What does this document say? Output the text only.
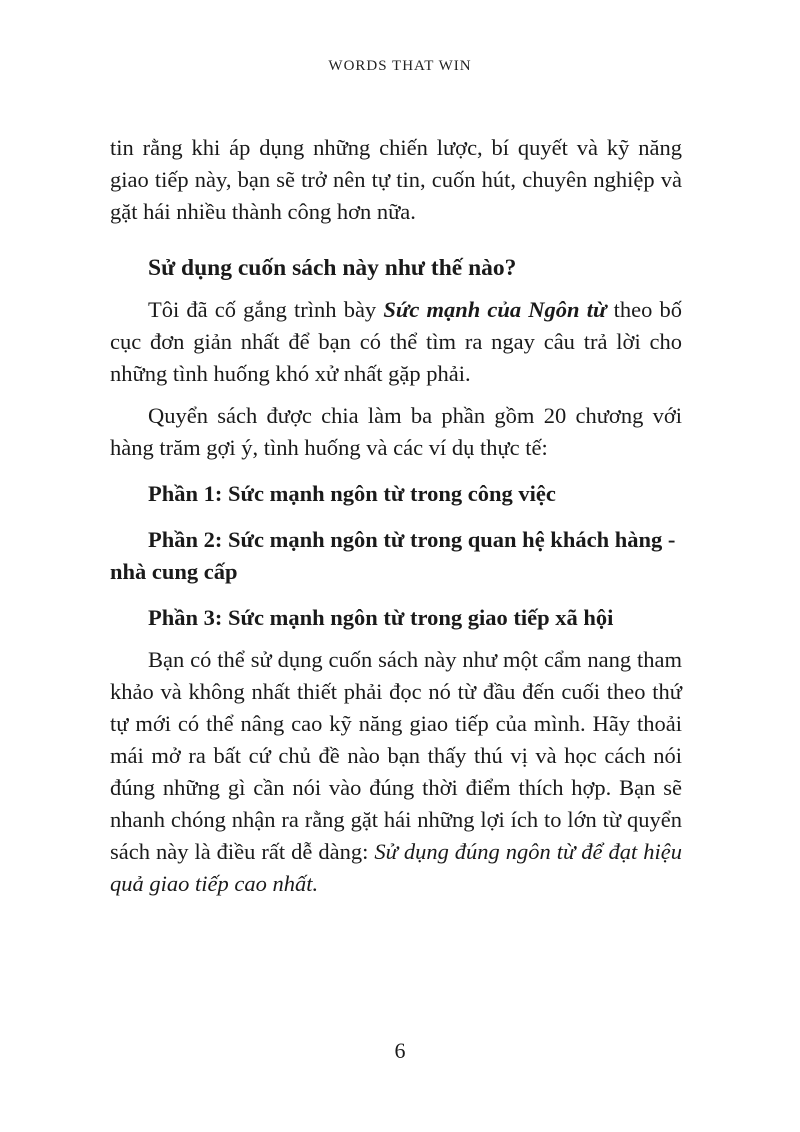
WORDS THAT WIN

tin rằng khi áp dụng những chiến lược, bí quyết và kỹ năng giao tiếp này, bạn sẽ trở nên tự tin, cuốn hút, chuyên nghiệp và gặt hái nhiều thành công hơn nữa.

Sử dụng cuốn sách này như thế nào?

Tôi đã cố gắng trình bày Sức mạnh của Ngôn từ theo bố cục đơn giản nhất để bạn có thể tìm ra ngay câu trả lời cho những tình huống khó xử nhất gặp phải.

Quyển sách được chia làm ba phần gồm 20 chương với hàng trăm gợi ý, tình huống và các ví dụ thực tế:

Phần 1: Sức mạnh ngôn từ trong công việc

Phần 2: Sức mạnh ngôn từ trong quan hệ khách hàng -
nhà cung cấp

Phần 3: Sức mạnh ngôn từ trong giao tiếp xã hội

Bạn có thể sử dụng cuốn sách này như một cẩm nang tham khảo và không nhất thiết phải đọc nó từ đầu đến cuối theo thứ tự mới có thể nâng cao kỹ năng giao tiếp của mình. Hãy thoải mái mở ra bất cứ chủ đề nào bạn thấy thú vị và học cách nói đúng những gì cần nói vào đúng thời điểm thích hợp. Bạn sẽ nhanh chóng nhận ra rằng gặt hái những lợi ích to lớn từ quyển sách này là điều rất dễ dàng: Sử dụng đúng ngôn từ để đạt hiệu quả giao tiếp cao nhất.

6
